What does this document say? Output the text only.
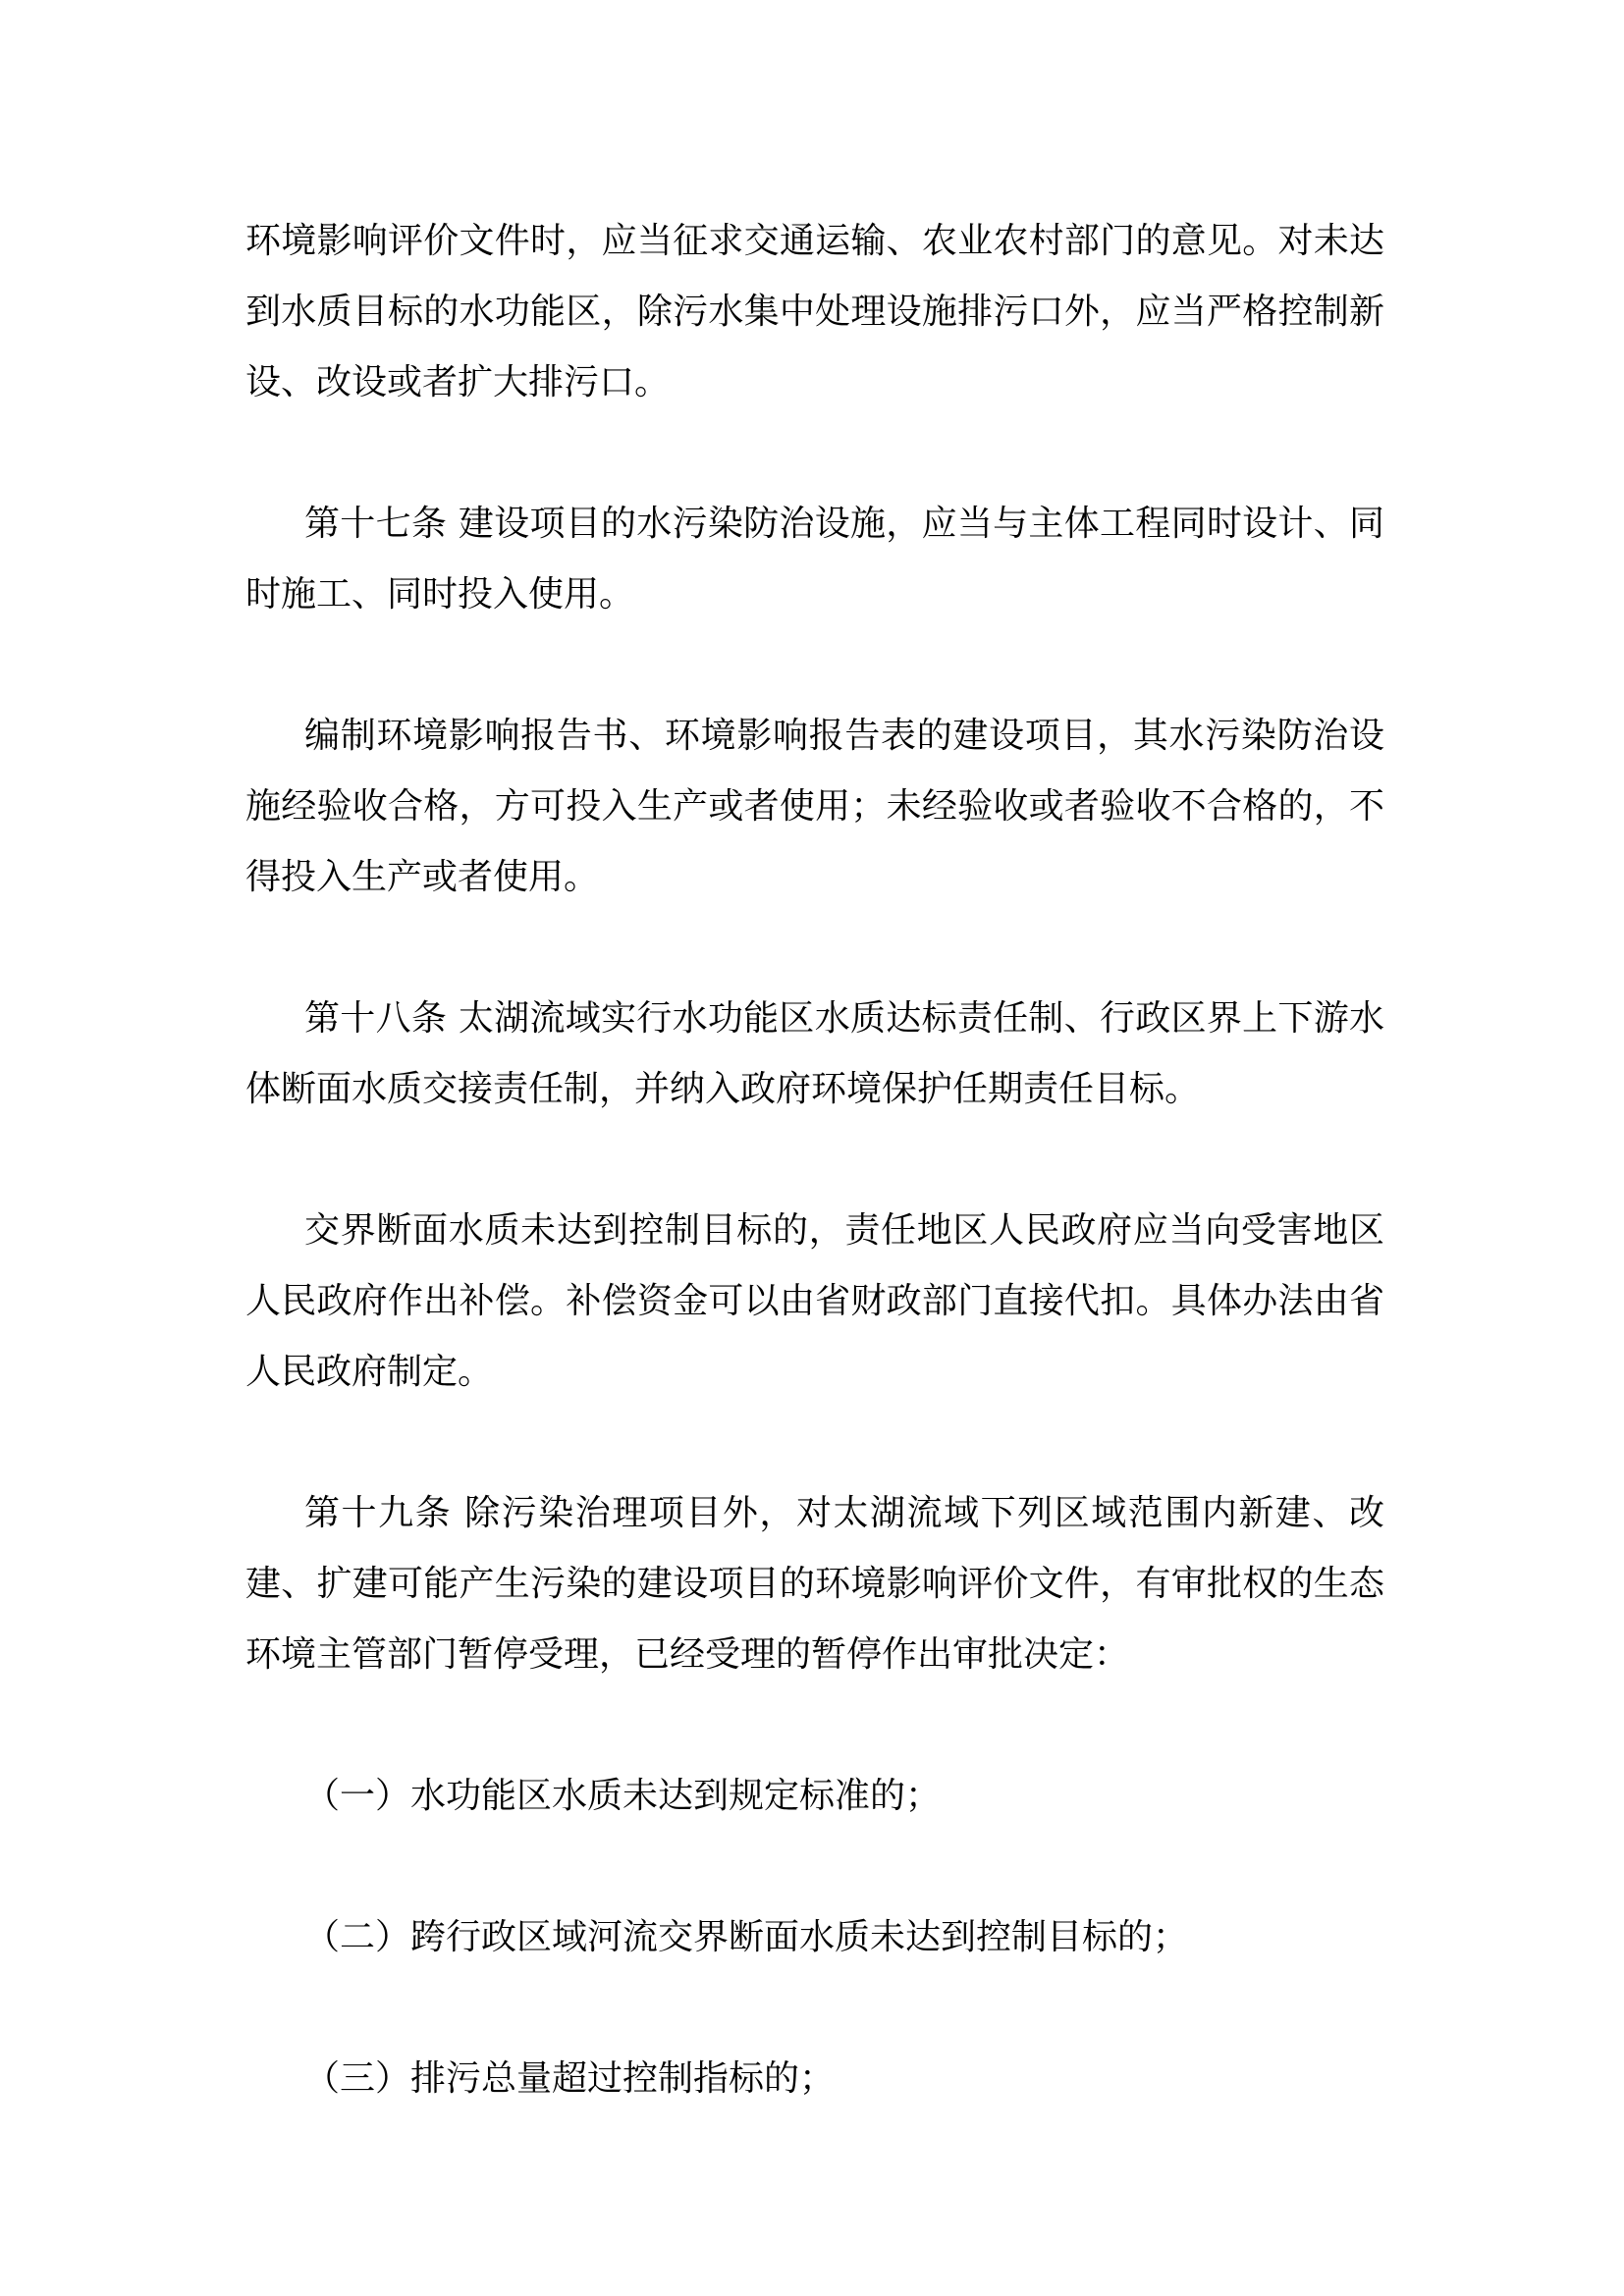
环境影响评价文件时，应当征求交通运输、农业农村部门的意见。对未达到水质目标的水功能区，除污水集中处理设施排污口外，应当严格控制新设、改设或者扩大排污口。

第十七条 建设项目的水污染防治设施，应当与主体工程同时设计、同时施工、同时投入使用。

编制环境影响报告书、环境影响报告表的建设项目，其水污染防治设施经验收合格，方可投入生产或者使用；未经验收或者验收不合格的，不得投入生产或者使用。

第十八条 太湖流域实行水功能区水质达标责任制、行政区界上下游水体断面水质交接责任制，并纳入政府环境保护任期责任目标。

交界断面水质未达到控制目标的，责任地区人民政府应当向受害地区人民政府作出补偿。补偿资金可以由省财政部门直接代扣。具体办法由省人民政府制定。

第十九条 除污染治理项目外，对太湖流域下列区域范围内新建、改建、扩建可能产生污染的建设项目的环境影响评价文件，有审批权的生态环境主管部门暂停受理，已经受理的暂停作出审批决定：

（一）水功能区水质未达到规定标准的；

（二）跨行政区域河流交界断面水质未达到控制目标的；

（三）排污总量超过控制指标的；
